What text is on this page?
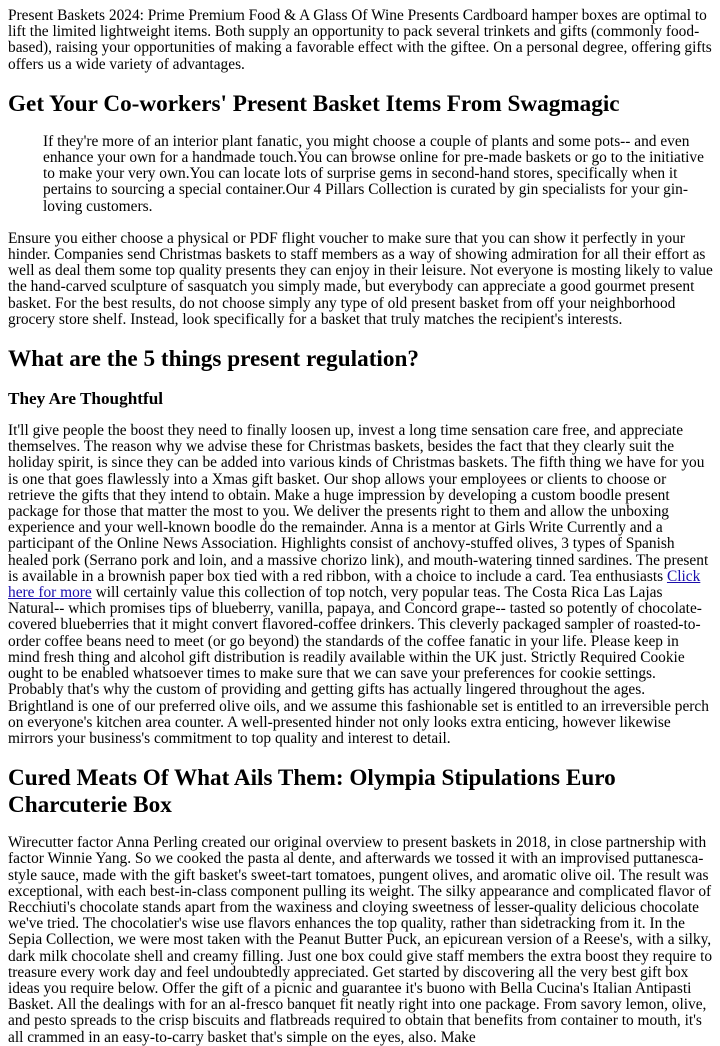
Present Baskets 2024: Prime Premium Food & A Glass Of Wine Presents Cardboard hamper boxes are optimal to lift the limited lightweight items. Both supply an opportunity to pack several trinkets and gifts (commonly food-based), raising your opportunities of making a favorable effect with the giftee. On a personal degree, offering gifts offers us a wide variety of advantages.

Get Your Co-workers' Present Basket Items From Swagmagic
If they're more of an interior plant fanatic, you might choose a couple of plants and some pots-- and even enhance your own for a handmade touch.You can browse online for pre-made baskets or go to the initiative to make your very own.You can locate lots of surprise gems in second-hand stores, specifically when it pertains to sourcing a special container.Our 4 Pillars Collection is curated by gin specialists for your gin-loving customers.

Ensure you either choose a physical or PDF flight voucher to make sure that you can show it perfectly in your hinder. Companies send Christmas baskets to staff members as a way of showing admiration for all their effort as well as deal them some top quality presents they can enjoy in their leisure. Not everyone is mosting likely to value the hand-carved sculpture of sasquatch you simply made, but everybody can appreciate a good gourmet present basket. For the best results, do not choose simply any type of old present basket from off your neighborhood grocery store shelf. Instead, look specifically for a basket that truly matches the recipient's interests.

What are the 5 things present regulation?
They Are Thoughtful

It'll give people the boost they need to finally loosen up, invest a long time sensation care free, and appreciate themselves. The reason why we advise these for Christmas baskets, besides the fact that they clearly suit the holiday spirit, is since they can be added into various kinds of Christmas baskets. The fifth thing we have for you is one that goes flawlessly into a Xmas gift basket. Our shop allows your employees or clients to choose or retrieve the gifts that they intend to obtain. Make a huge impression by developing a custom boodle present package for those that matter the most to you. We deliver the presents right to them and allow the unboxing experience and your well-known boodle do the remainder. Anna is a mentor at Girls Write Currently and a participant of the Online News Association. Highlights consist of anchovy-stuffed olives, 3 types of Spanish healed pork (Serrano pork and loin, and a massive chorizo link), and mouth-watering tinned sardines. The present is available in a brownish paper box tied with a red ribbon, with a choice to include a card. Tea enthusiasts Click here for more will certainly value this collection of top notch, very popular teas. The Costa Rica Las Lajas Natural-- which promises tips of blueberry, vanilla, papaya, and Concord grape-- tasted so potently of chocolate-covered blueberries that it might convert flavored-coffee drinkers. This cleverly packaged sampler of roasted-to-order coffee beans need to meet (or go beyond) the standards of the coffee fanatic in your life. Please keep in mind fresh thing and alcohol gift distribution is readily available within the UK just. Strictly Required Cookie ought to be enabled whatsoever times to make sure that we can save your preferences for cookie settings. Probably that's why the custom of providing and getting gifts has actually lingered throughout the ages. Brightland is one of our preferred olive oils, and we assume this fashionable set is entitled to an irreversible perch on everyone's kitchen area counter. A well-presented hinder not only looks extra enticing, however likewise mirrors your business's commitment to top quality and interest to detail.

Cured Meats Of What Ails Them: Olympia Stipulations Euro Charcuterie Box

Wirecutter factor Anna Perling created our original overview to present baskets in 2018, in close partnership with factor Winnie Yang. So we cooked the pasta al dente, and afterwards we tossed it with an improvised puttanesca-style sauce, made with the gift basket's sweet-tart tomatoes, pungent olives, and aromatic olive oil. The result was exceptional, with each best-in-class component pulling its weight. The silky appearance and complicated flavor of Recchiuti's chocolate stands apart from the waxiness and cloying sweetness of lesser-quality delicious chocolate we've tried. The chocolatier's wise use flavors enhances the top quality, rather than sidetracking from it. In the Sepia Collection, we were most taken with the Peanut Butter Puck, an epicurean version of a Reese's, with a silky, dark milk chocolate shell and creamy filling. Just one box could give staff members the extra boost they require to treasure every work day and feel undoubtedly appreciated. Get started by discovering all the very best gift box ideas you require below. Offer the gift of a picnic and guarantee it's buono with Bella Cucina's Italian Antipasti Basket. All the dealings with for an al-fresco banquet fit neatly right into one package. From savory lemon, olive, and pesto spreads to the crisp biscuits and flatbreads required to obtain that benefits from container to mouth, it's all crammed in an easy-to-carry basket that's simple on the eyes, also. Make
